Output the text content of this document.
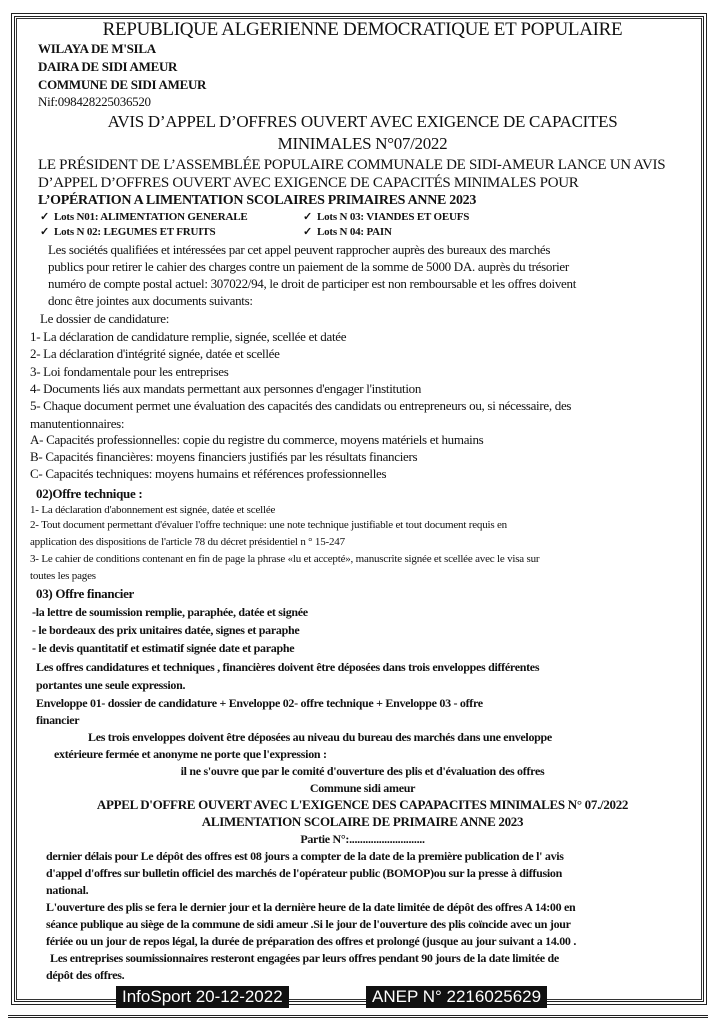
REPUBLIQUE ALGERIENNE DEMOCRATIQUE ET POPULAIRE
WILAYA DE M'SILA
DAIRA DE SIDI AMEUR
COMMUNE DE SIDI AMEUR
Nif:098428225036520
AVIS D’APPEL D’OFFRES OUVERT AVEC EXIGENCE DE CAPACITES
MINIMALES N°07/2022
LE PRÉSIDENT DE L’ASSEMBLÉE POPULAIRE COMMUNALE DE SIDI-AMEUR LANCE UN AVIS
D’APPEL D’OFFRES OUVERT AVEC EXIGENCE DE CAPACITÉS MINIMALES POUR
L’OPÉRATION A LIMENTATION SCOLAIRES PRIMAIRES ANNE 2023
✓ Lots N01: ALIMENTATION GENERALE	✓ Lots N 03: VIANDES ET OEUFS
✓ Lots N 02: LEGUMES ET FRUITS	✓ Lots N 04: PAIN
Les sociétés qualifiées et intéressées par cet appel peuvent rapprocher auprès des bureaux des marchés
publics pour retirer le cahier des charges contre un paiement de la somme de 5000 DA. auprès du trésorier
numéro de compte postal actuel: 307022/94, le droit de participer est non remboursable et les offres doivent
donc être jointes aux documents suivants:
Le dossier de candidature:
1- La déclaration de candidature remplie, signée, scellée et datée
2- La déclaration d'intégrité signée, datée et scellée
3- Loi fondamentale pour les entreprises
4- Documents liés aux mandats permettant aux personnes d'engager l'institution
5- Chaque document permet une évaluation des capacités des candidats ou entrepreneurs ou, si nécessaire, des
manutentionnaires:
A- Capacités professionnelles: copie du registre du commerce, moyens matériels et humains
B- Capacités financières: moyens financiers justifiés par les résultats financiers
C- Capacités techniques: moyens humains et références professionnelles
02)Offre technique :
1- La déclaration d'abonnement est signée, datée et scellée
2- Tout document permettant d'évaluer l'offre technique: une note technique justifiable et tout document requis en
application des dispositions de l'article 78 du décret présidentiel n ° 15-247
3- Le cahier de conditions contenant en fin de page la phrase «lu et accepté», manuscrite signée et scellée avec le visa sur
toutes les pages
03) Offre financier
-la lettre de soumission remplie, paraphée, datée et signée
- le bordeaux des prix unitaires datée, signes et paraphe
- le devis quantitatif et estimatif signée date et paraphe
Les offres candidatures et techniques , financières doivent être déposées dans trois enveloppes différentes
portantes une seule expression.
Enveloppe 01- dossier de candidature + Enveloppe 02- offre technique + Enveloppe 03 - offre
financier
Les trois enveloppes doivent être déposées au niveau du bureau des marchés dans une enveloppe
extérieure fermée et anonyme ne porte que l'expression :
il ne s'ouvre que par le comité d'ouverture des plis et d'évaluation des offres
Commune sidi ameur
APPEL D'OFFRE OUVERT AVEC L'EXIGENCE DES CAPAPACITES MINIMALES N° 07./2022
ALIMENTATION SCOLAIRE DE PRIMAIRE ANNE 2023
Partie N°:............................
dernier délais pour Le dépôt des offres est 08 jours a compter de la date de la première publication de l' avis
d'appel d'offres sur bulletin officiel des marchés de l'opérateur public (BOMOP)ou sur la presse à diffusion
national.
L'ouverture des plis se fera le dernier jour et la dernière heure de la date limitée de dépôt des offres A 14:00 en
séance publique au siège de la commune de sidi ameur .Si le jour de l'ouverture des plis coïncide avec un jour
fériée ou un jour de repos légal, la durée de préparation des offres et prolongé (jusque au jour suivant a 14.00 .
Les entreprises soumissionnaires resteront engagées par leurs offres pendant 90 jours de la date limitée de
dépôt des offres.
InfoSport 20-12-2022	ANEP N° 2216025629
